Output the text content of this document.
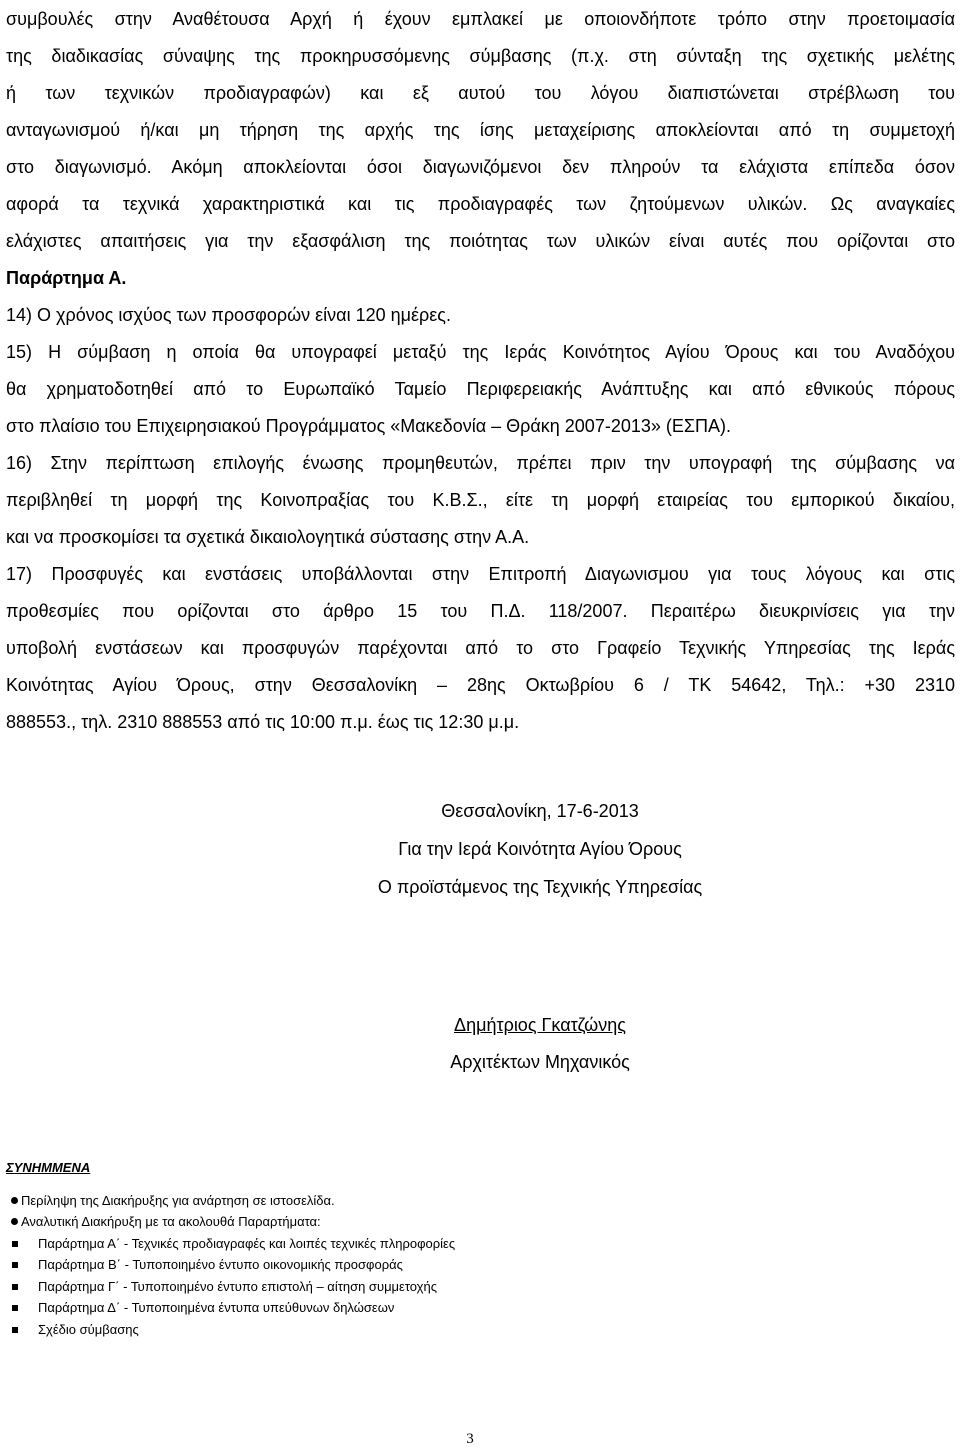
συμβουλές στην Αναθέτουσα Αρχή ή έχουν εμπλακεί με οποιονδήποτε τρόπο στην προετοιμασία
της διαδικασίας σύναψης της προκηρυσσόμενης σύμβασης (π.χ. στη σύνταξη της σχετικής μελέτης
ή των τεχνικών προδιαγραφών) και εξ αυτού του λόγου διαπιστώνεται στρέβλωση του
ανταγωνισμού ή/και μη τήρηση της αρχής της ίσης μεταχείρισης αποκλείονται από τη συμμετοχή
στο διαγωνισμό. Ακόμη αποκλείονται όσοι διαγωνιζόμενοι δεν πληρούν τα ελάχιστα επίπεδα όσον
αφορά τα τεχνικά χαρακτηριστικά και τις προδιαγραφές των ζητούμενων υλικών. Ως αναγκαίες
ελάχιστες απαιτήσεις για την εξασφάλιση της ποιότητας των υλικών είναι αυτές που ορίζονται στο
Παράρτημα Α.
14) Ο χρόνος ισχύος των προσφορών είναι 120 ημέρες.
15) Η σύμβαση η οποία θα υπογραφεί μεταξύ της Ιεράς Κοινότητος Αγίου Όρους και του Αναδόχου
θα χρηματοδοτηθεί από το Ευρωπαϊκό Ταμείο Περιφερειακής Ανάπτυξης και από εθνικούς πόρους
στο πλαίσιο του Επιχειρησιακού Προγράμματος «Μακεδονία – Θράκη 2007-2013» (ΕΣΠΑ).
16) Στην περίπτωση επιλογής ένωσης προμηθευτών, πρέπει πριν την υπογραφή της σύμβασης να
περιβληθεί τη μορφή της Κοινοπραξίας του Κ.Β.Σ., είτε τη μορφή εταιρείας του εμπορικού δικαίου,
και να προσκομίσει τα σχετικά δικαιολογητικά σύστασης στην Α.Α.
17) Προσφυγές και ενστάσεις υποβάλλονται στην Επιτροπή Διαγωνισμου για τους λόγους και στις
προθεσμίες που ορίζονται στο άρθρο 15 του Π.Δ. 118/2007. Περαιτέρω διευκρινίσεις για την
υποβολή ενστάσεων και προσφυγών παρέχονται από το στο Γραφείο Τεχνικής Υπηρεσίας της Ιεράς
Κοινότητας Αγίου Όρους, στην Θεσσαλονίκη – 28ης Οκτωβρίου 6 / ΤΚ 54642, Τηλ.: +30 2310
888553., τηλ. 2310 888553 από τις 10:00 π.μ. έως τις 12:30 μ.μ.
Θεσσαλονίκη, 17-6-2013
Για την Ιερά Κοινότητα Αγίου Όρους
Ο προϊστάμενος της Τεχνικής Υπηρεσίας
Δημήτριος Γκατζώνης
Αρχιτέκτων Μηχανικός
ΣΥΝΗΜΜΕΝΑ
Περίληψη της Διακήρυξης για ανάρτηση σε ιστοσελίδα.
Αναλυτική Διακήρυξη με τα ακολουθά Παραρτήματα:
Παράρτημα Α΄ - Τεχνικές προδιαγραφές και λοιπές τεχνικές πληροφορίες
Παράρτημα Β΄ - Τυποποιημένο έντυπο οικονομικής προσφοράς
Παράρτημα Γ΄ - Τυποποιημένο έντυπο επιστολή – αίτηση συμμετοχής
Παράρτημα Δ΄ - Τυποποιημένα έντυπα υπεύθυνων δηλώσεων
Σχέδιο σύμβασης
3
